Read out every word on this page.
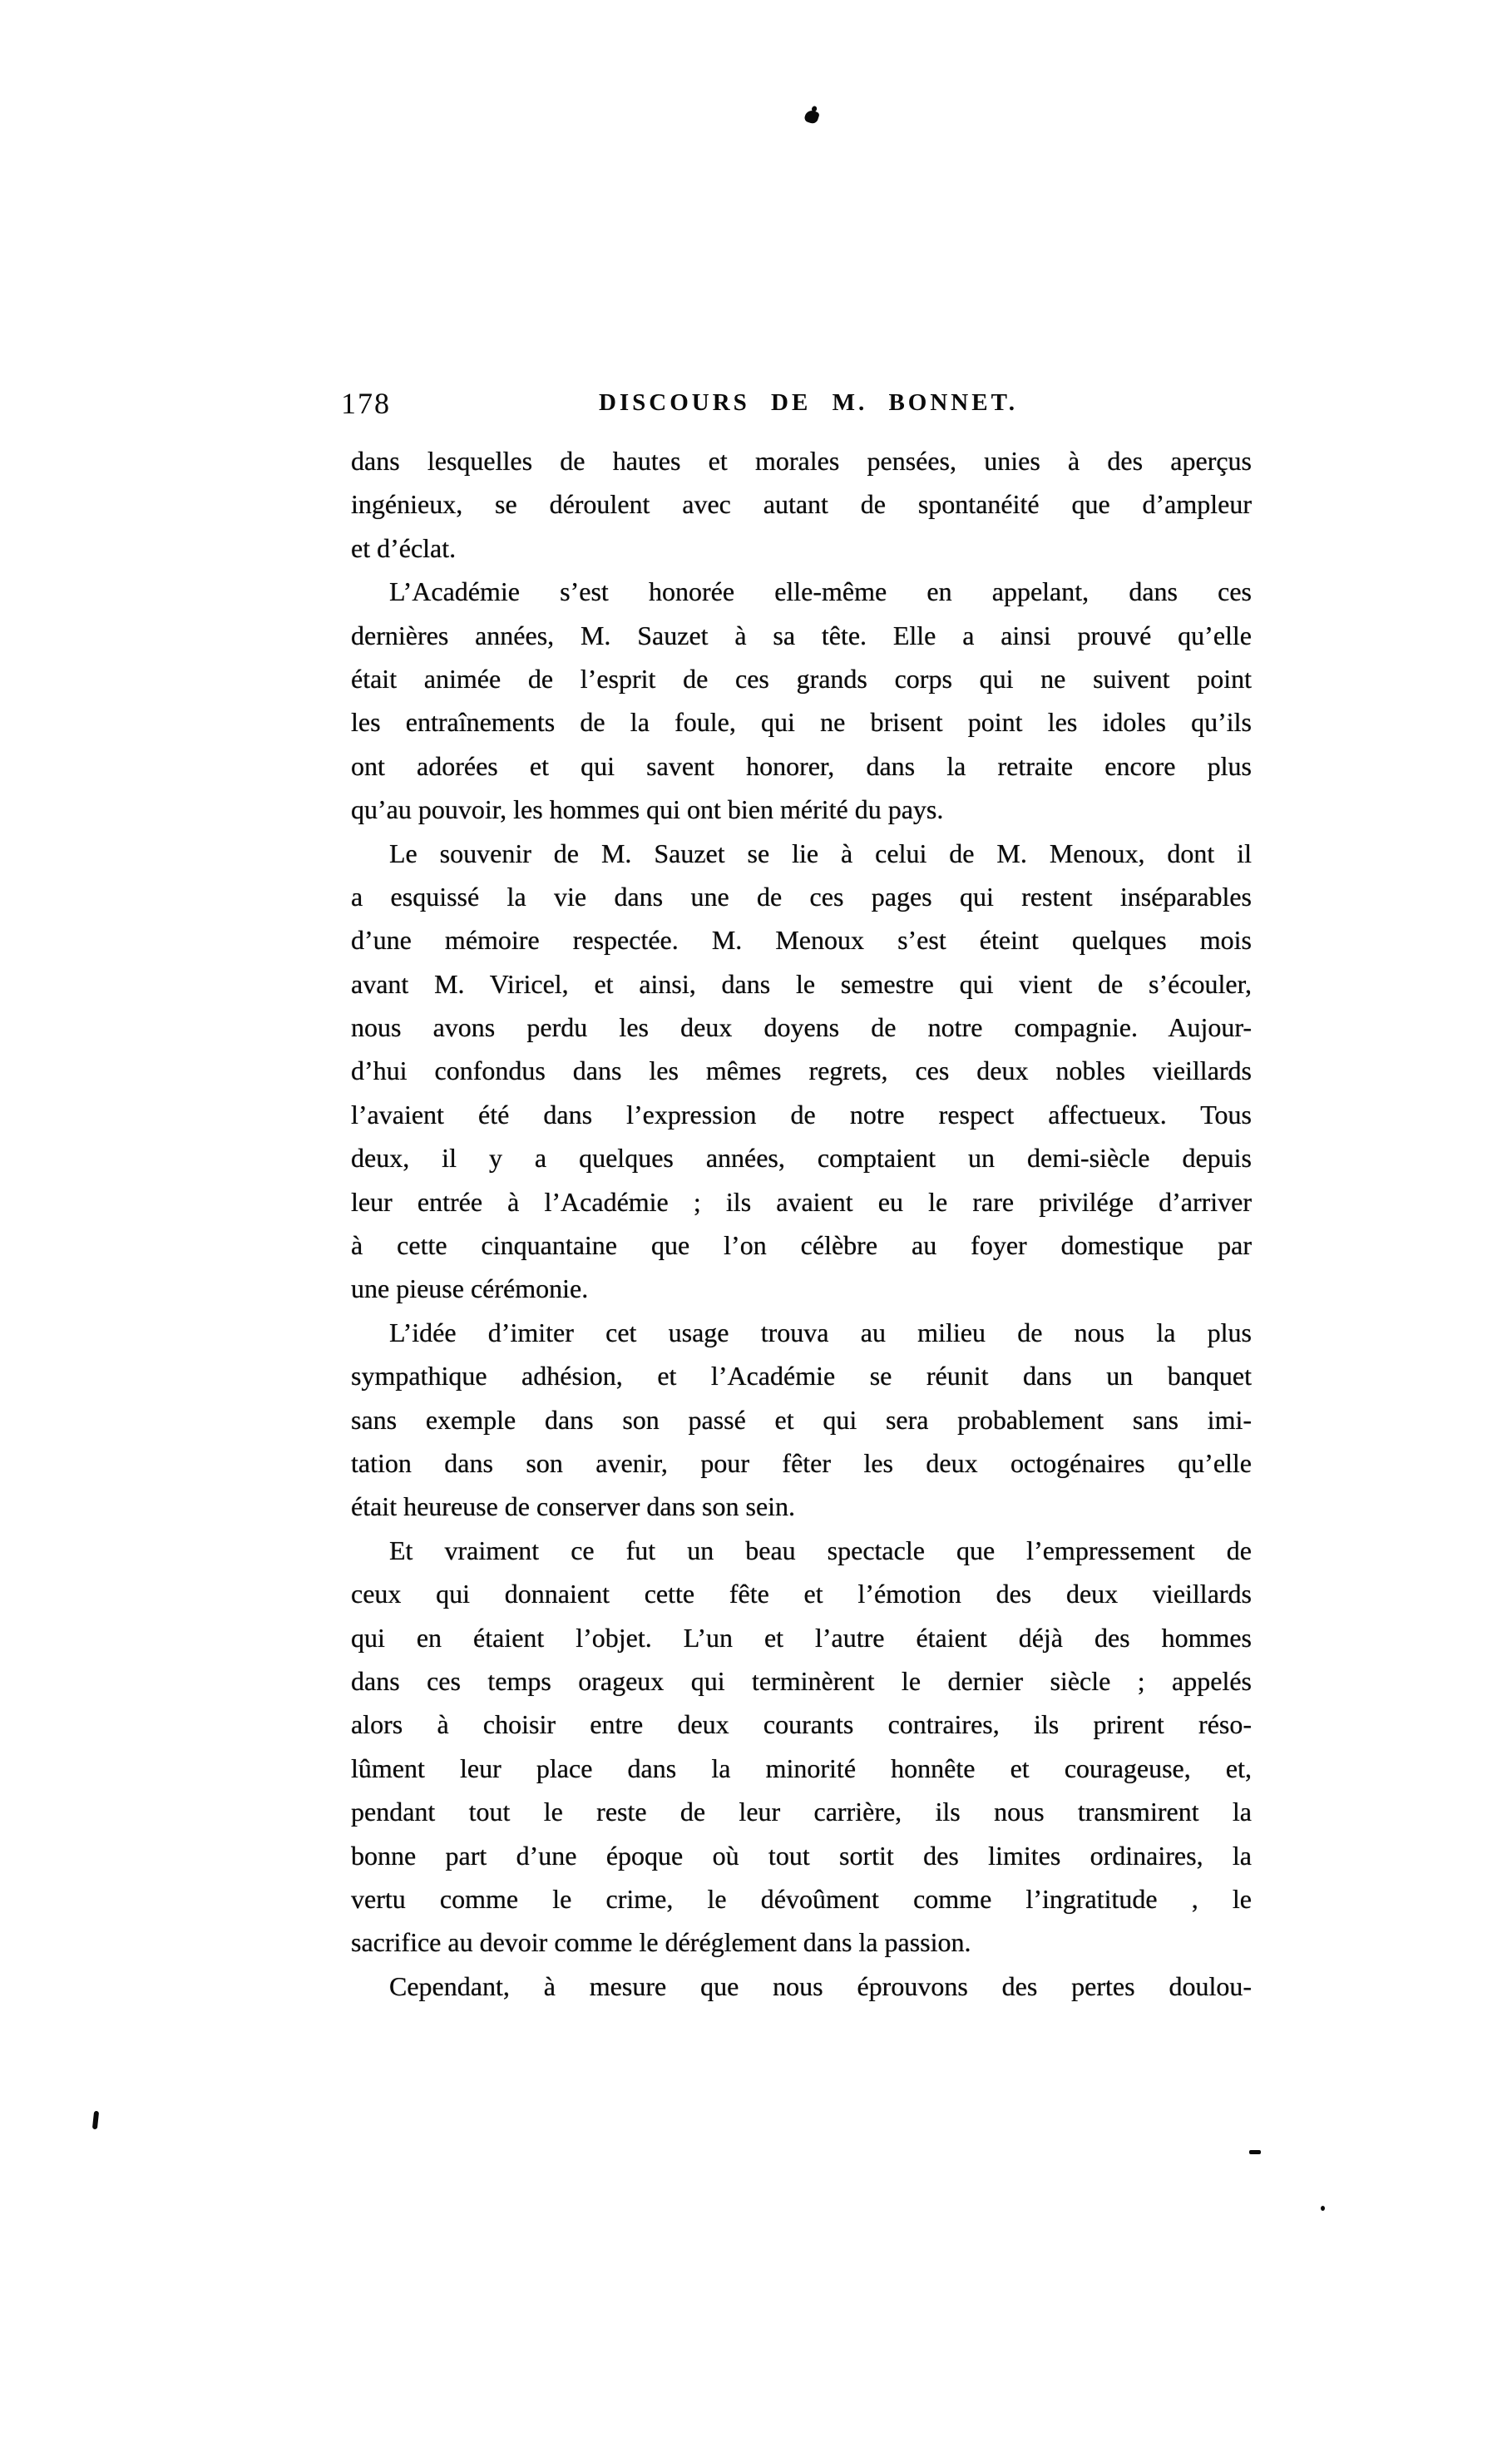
178	DISCOURS DE M. BONNET.
dans lesquelles de hautes et morales pensées, unies à des aperçus
ingénieux, se déroulent avec autant de spontanéité que d’ampleur
et d’éclat.
L’Académie s’est honorée elle-même en appelant, dans ces
dernières années, M. Sauzet à sa tête. Elle a ainsi prouvé qu’elle
était animée de l’esprit de ces grands corps qui ne suivent point
les entraînements de la foule, qui ne brisent point les idoles qu’ils
ont adorées et qui savent honorer, dans la retraite encore plus
qu’au pouvoir, les hommes qui ont bien mérité du pays.
Le souvenir de M. Sauzet se lie à celui de M. Menoux, dont il
a esquissé la vie dans une de ces pages qui restent inséparables
d’une mémoire respectée. M. Menoux s’est éteint quelques mois
avant M. Viricel, et ainsi, dans le semestre qui vient de s’écouler,
nous avons perdu les deux doyens de notre compagnie. Aujour-
d’hui confondus dans les mêmes regrets, ces deux nobles vieillards
l’avaient été dans l’expression de notre respect affectueux. Tous
deux, il y a quelques années, comptaient un demi-siècle depuis
leur entrée à l’Académie ; ils avaient eu le rare privilége d’arriver
à cette cinquantaine que l’on célèbre au foyer domestique par
une pieuse cérémonie.
L’idée d’imiter cet usage trouva au milieu de nous la plus
sympathique adhésion, et l’Académie se réunit dans un banquet
sans exemple dans son passé et qui sera probablement sans imi-
tation dans son avenir, pour fêter les deux octogénaires qu’elle
était heureuse de conserver dans son sein.
Et vraiment ce fut un beau spectacle que l’empressement de
ceux qui donnaient cette fête et l’émotion des deux vieillards
qui en étaient l’objet. L’un et l’autre étaient déjà des hommes
dans ces temps orageux qui terminèrent le dernier siècle ; appelés
alors à choisir entre deux courants contraires, ils prirent réso-
lûment leur place dans la minorité honnête et courageuse, et,
pendant tout le reste de leur carrière, ils nous transmirent la
bonne part d’une époque où tout sortit des limites ordinaires, la
vertu comme le crime, le dévoûment comme l’ingratitude , le
sacrifice au devoir comme le déréglement dans la passion.
Cependant, à mesure que nous éprouvons des pertes doulou-
